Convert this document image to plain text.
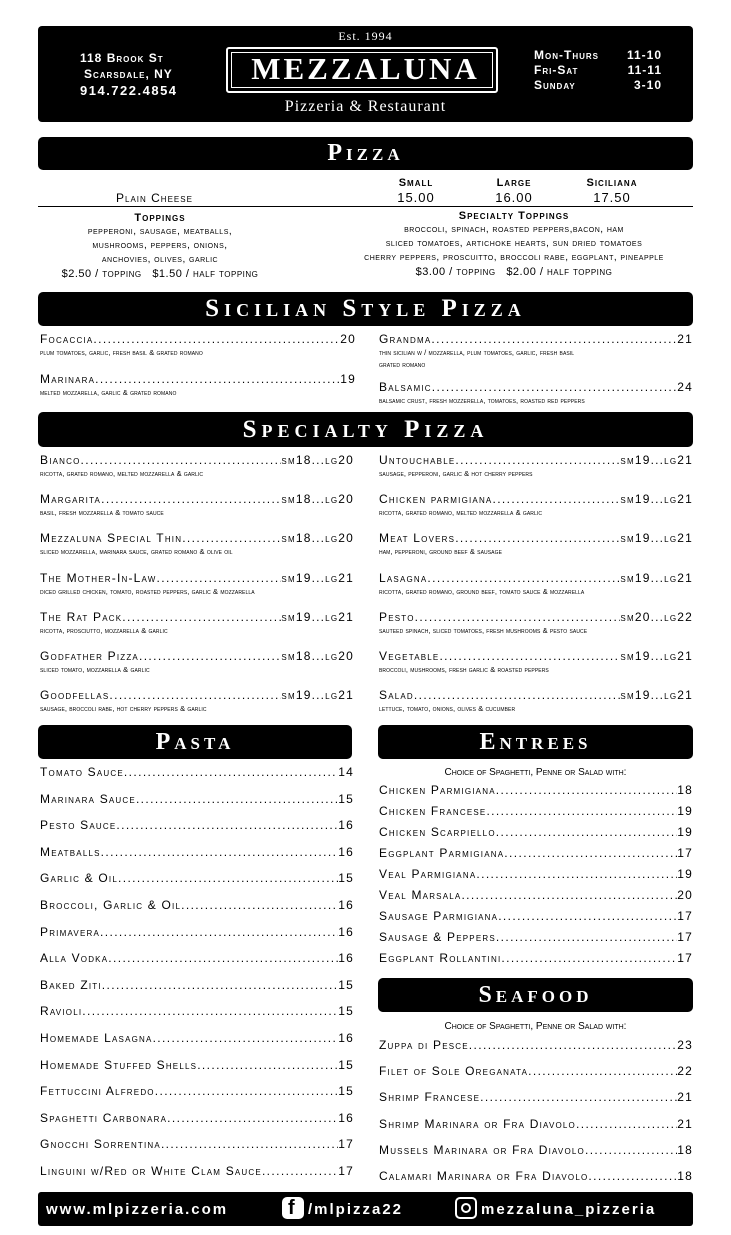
Est. 1994
118 Brook St
Scarsdale, NY
914.722.4854
MEZZALUNA
Pizzeria & Restaurant
Mon-Thurs 11-10
Fri-Sat	11-11
Sunday	3-10
Pizza
Small	Large	Siciliana
Plain Cheese	15.00	16.00	17.50
Toppings
pepperoni, sausage, meatballs,
mushrooms, peppers, onions,
anchovies, olives, garlic
$2.50 / topping   $1.50 / half topping
Specialty Toppings
broccoli, spinach, roasted peppers,bacon, ham
sliced tomatoes, artichoke hearts, sun dried tomatoes
cherry peppers, proscuitto, broccoli rabe, eggplant, pineapple
$3.00 / topping   $2.00 / half topping
Sicilian Style Pizza
Focaccia .....	20
plum tomatoes, garlic, fresh basil & grated romano
Marinara .....	19
melted mozzarella, garlic & grated romano
Grandma .....	21
thin sicilian w / mozzarella, plum tomatoes, garlic, fresh basil
grated romano
Balsamic .....	24
balsamic crust, fresh mozzerella, tomatoes, roasted red peppers
Specialty Pizza
Bianco .....	sm18...lg20
ricotta, grated romano, melted mozzarella & garlic
Margarita .....	sm18...lg20
basil, fresh mozzarella & tomato sauce
Mezzaluna Special Thin .....	sm18...lg20
sliced mozzarella, marinara sauce, grated romano & olive oil
The Mother-In-Law .....	sm19...lg21
diced grilled chicken, tomato, roasted peppers, garlic & mozzarella
The Rat Pack .....	sm19...lg21
ricotta, prosciutto, mozzarella & garlic
Godfather Pizza .....	sm18...lg20
sliced tomato, mozzarella & garlic
Goodfellas .....	sm19...lg21
sausage, broccoli rabe, hot cherry peppers & garlic
Untouchable .....	sm19...lg21
sausage, pepperoni, garlic & hot cherry peppers
Chicken parmigiana .....	sm19...lg21
ricotta, grated romano, melted mozzarella & garlic
Meat Lovers .....	sm19...lg21
ham, pepperoni, ground beef & sausage
Lasagna .....	sm19...lg21
ricotta, grated romano, ground beef, tomato sauce & mozzarella
Pesto .....	sm20...lg22
sauteed spinach, sliced tomatoes, fresh mushrooms & pesto sauce
Vegetable .....	sm19...lg21
broccoli, mushrooms, fresh garlic & roasted peppers
Salad .....	sm19...lg21
lettuce, tomato, onions, olives & cucumber
Pasta
Tomato Sauce .....	14
Marinara Sauce .....	15
Pesto Sauce .....	16
Meatballs .....	16
Garlic & Oil .....	15
Broccoli, Garlic & Oil .....	16
Primavera .....	16
Alla Vodka .....	16
Baked Ziti .....	15
Ravioli .....	15
Homemade Lasagna .....	16
Homemade Stuffed Shells .....	15
Fettuccini Alfredo .....	15
Spaghetti Carbonara .....	16
Gnocchi Sorrentina .....	17
Linguini w/Red or White Clam Sauce .....	17
Entrees
Choice of Spaghetti, Penne or Salad with:
Chicken Parmigiana .....	18
Chicken Francese .....	19
Chicken Scarpiello .....	19
Eggplant Parmigiana .....	17
Veal Parmigiana .....	19
Veal Marsala .....	20
Sausage Parmigiana .....	17
Sausage & Peppers .....	17
Eggplant Rollantini .....	17
Seafood
Choice of Spaghetti, Penne or Salad with:
Zuppa di Pesce .....	23
Filet of Sole Oreganata .....	22
Shrimp Francese .....	21
Shrimp Marinara or Fra Diavolo .....	21
Mussels Marinara or Fra Diavolo .....	18
Calamari Marinara or Fra Diavolo .....	18
www.mlpizzeria.com f	/mlpizza22	mezzaluna_pizzeria
